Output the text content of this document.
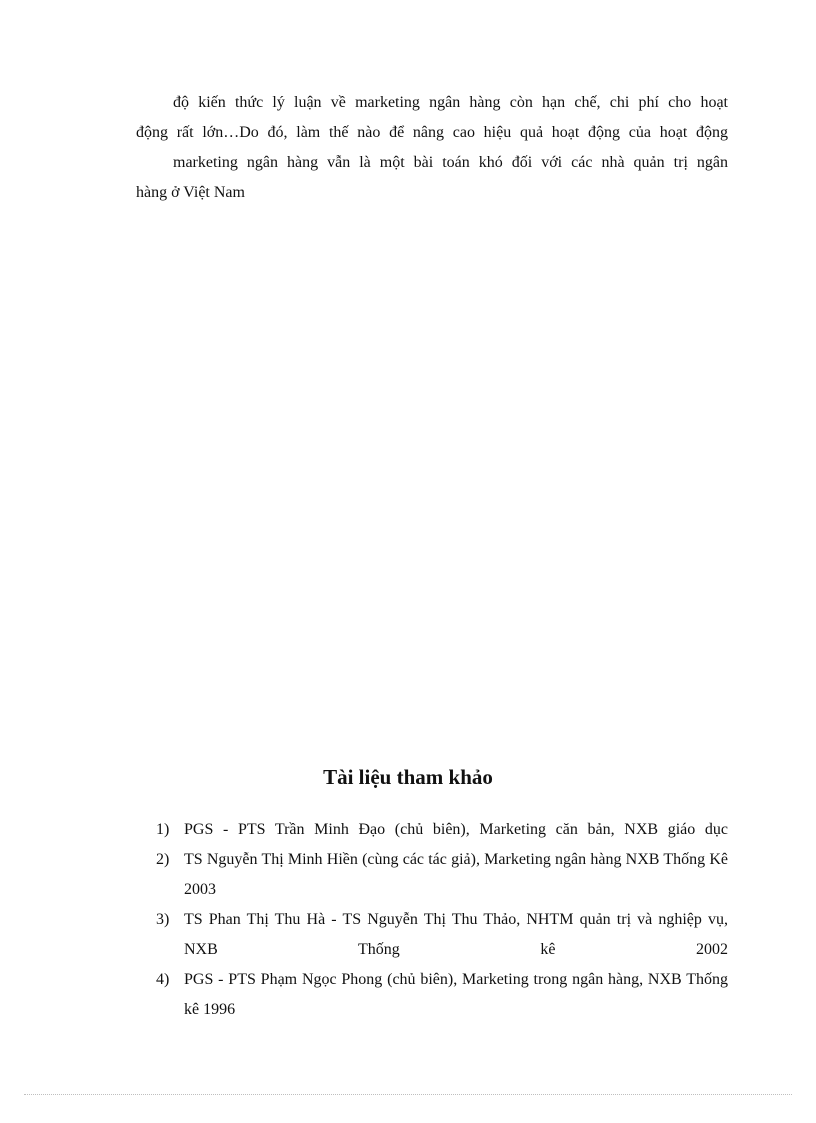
độ kiến thức lý luận về marketing ngân hàng còn hạn chế, chi phí cho hoạt

động rất lớn…Do đó, làm thế nào để nâng cao hiệu quả hoạt động của hoạt động

marketing ngân hàng vẫn là một bài toán khó đối với các nhà quản trị ngân

hàng ở Việt Nam

Tài liệu tham khảo
1) PGS - PTS Trần Minh Đạo (chủ biên), Marketing căn bản, NXB giáo dục
2) TS Nguyễn Thị Minh Hiền (cùng các tác giả), Marketing ngân hàng NXB Thống Kê 2003
3) TS Phan Thị Thu Hà - TS Nguyễn Thị Thu Thảo, NHTM quản trị và nghiệp vụ, NXB Thống kê 2002
4) PGS - PTS Phạm Ngọc Phong (chủ biên), Marketing trong ngân hàng, NXB Thống kê 1996
